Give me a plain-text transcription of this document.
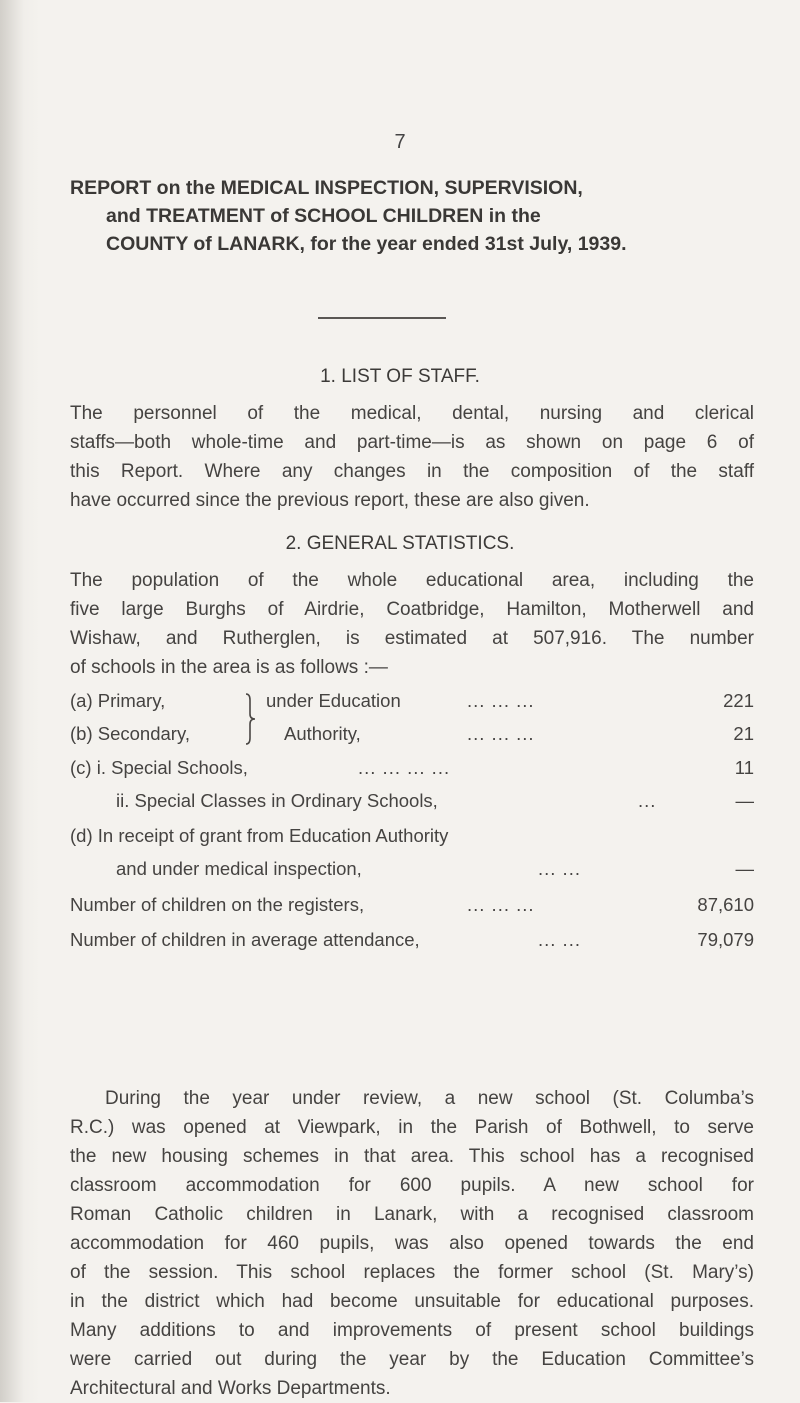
7
REPORT on the MEDICAL INSPECTION, SUPERVISION,
and TREATMENT of SCHOOL CHILDREN in the
COUNTY of LANARK, for the year ended 31st July, 1939.
1. LIST OF STAFF.
The personnel of the medical, dental, nursing and clerical
staffs—both whole-time and part-time—is as shown on page 6 of
this Report. Where any changes in the composition of the staff
have occurred since the previous report, these are also given.
2. GENERAL STATISTICS.
The population of the whole educational area, including the
five large Burghs of Airdrie, Coatbridge, Hamilton, Motherwell and
Wishaw, and Rutherglen, is estimated at 507,916. The number
of schools in the area is as follows :—
(a) Primary,	under Education	... ... ...	221
(b) Secondary,	Authority,	... ... ...	21
(c) i. Special Schools,	... ... ... ...	11
ii. Special Classes in Ordinary Schools,	...	—
(d) In receipt of grant from Education Authority
and under medical inspection,	... ...	—
Number of children on the registers,	... ... ...	87,610
Number of children in average attendance,	... ...	79,079
During the year under review, a new school (St. Columba’s
R.C.) was opened at Viewpark, in the Parish of Bothwell, to serve
the new housing schemes in that area. This school has a recognised
classroom accommodation for 600 pupils. A new school for
Roman Catholic children in Lanark, with a recognised classroom
accommodation for 460 pupils, was also opened towards the end
of the session. This school replaces the former school (St. Mary’s)
in the district which had become unsuitable for educational purposes.
Many additions to and improvements of present school buildings
were carried out during the year by the Education Committee’s
Architectural and Works Departments.
